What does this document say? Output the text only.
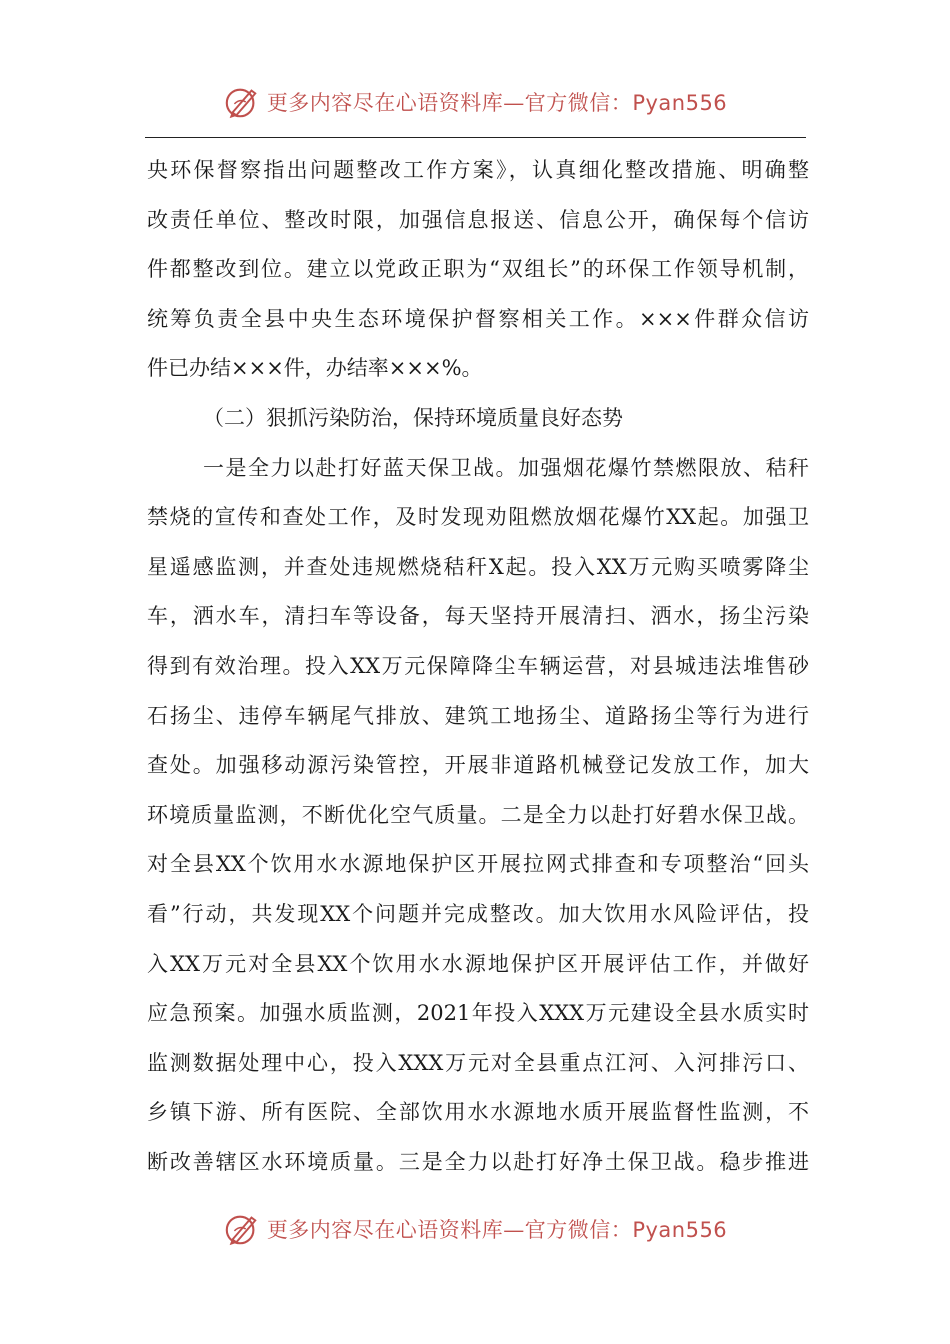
更多内容尽在心语资料库—官方微信：Pyan556
央环保督察指出问题整改工作方案》，认真细化整改措施、明确整
改责任单位、整改时限，加强信息报送、信息公开，确保每个信访
件都整改到位。建立以党政正职为“双组长”的环保工作领导机制，
统筹负责全县中央生态环境保护督察相关工作。×××件群众信访
件已办结×××件，办结率×××%。
（二）狠抓污染防治，保持环境质量良好态势
一是全力以赴打好蓝天保卫战。加强烟花爆竹禁燃限放、秸秆
禁烧的宣传和查处工作，及时发现劝阻燃放烟花爆竹XX起。加强卫
星遥感监测，并查处违规燃烧秸秆X起。投入XX万元购买喷雾降尘
车，洒水车，清扫车等设备，每天坚持开展清扫、洒水，扬尘污染
得到有效治理。投入XX万元保障降尘车辆运营，对县城违法堆售砂
石扬尘、违停车辆尾气排放、建筑工地扬尘、道路扬尘等行为进行
查处。加强移动源污染管控，开展非道路机械登记发放工作，加大
环境质量监测，不断优化空气质量。二是全力以赴打好碧水保卫战。
对全县XX个饮用水水源地保护区开展拉网式排查和专项整治“回头
看”行动，共发现XX个问题并完成整改。加大饮用水风险评估，投
入XX万元对全县XX个饮用水水源地保护区开展评估工作，并做好
应急预案。加强水质监测，2021年投入XXX万元建设全县水质实时
监测数据处理中心，投入XXX万元对全县重点江河、入河排污口、
乡镇下游、所有医院、全部饮用水水源地水质开展监督性监测，不
断改善辖区水环境质量。三是全力以赴打好净土保卫战。稳步推进
更多内容尽在心语资料库—官方微信：Pyan556
